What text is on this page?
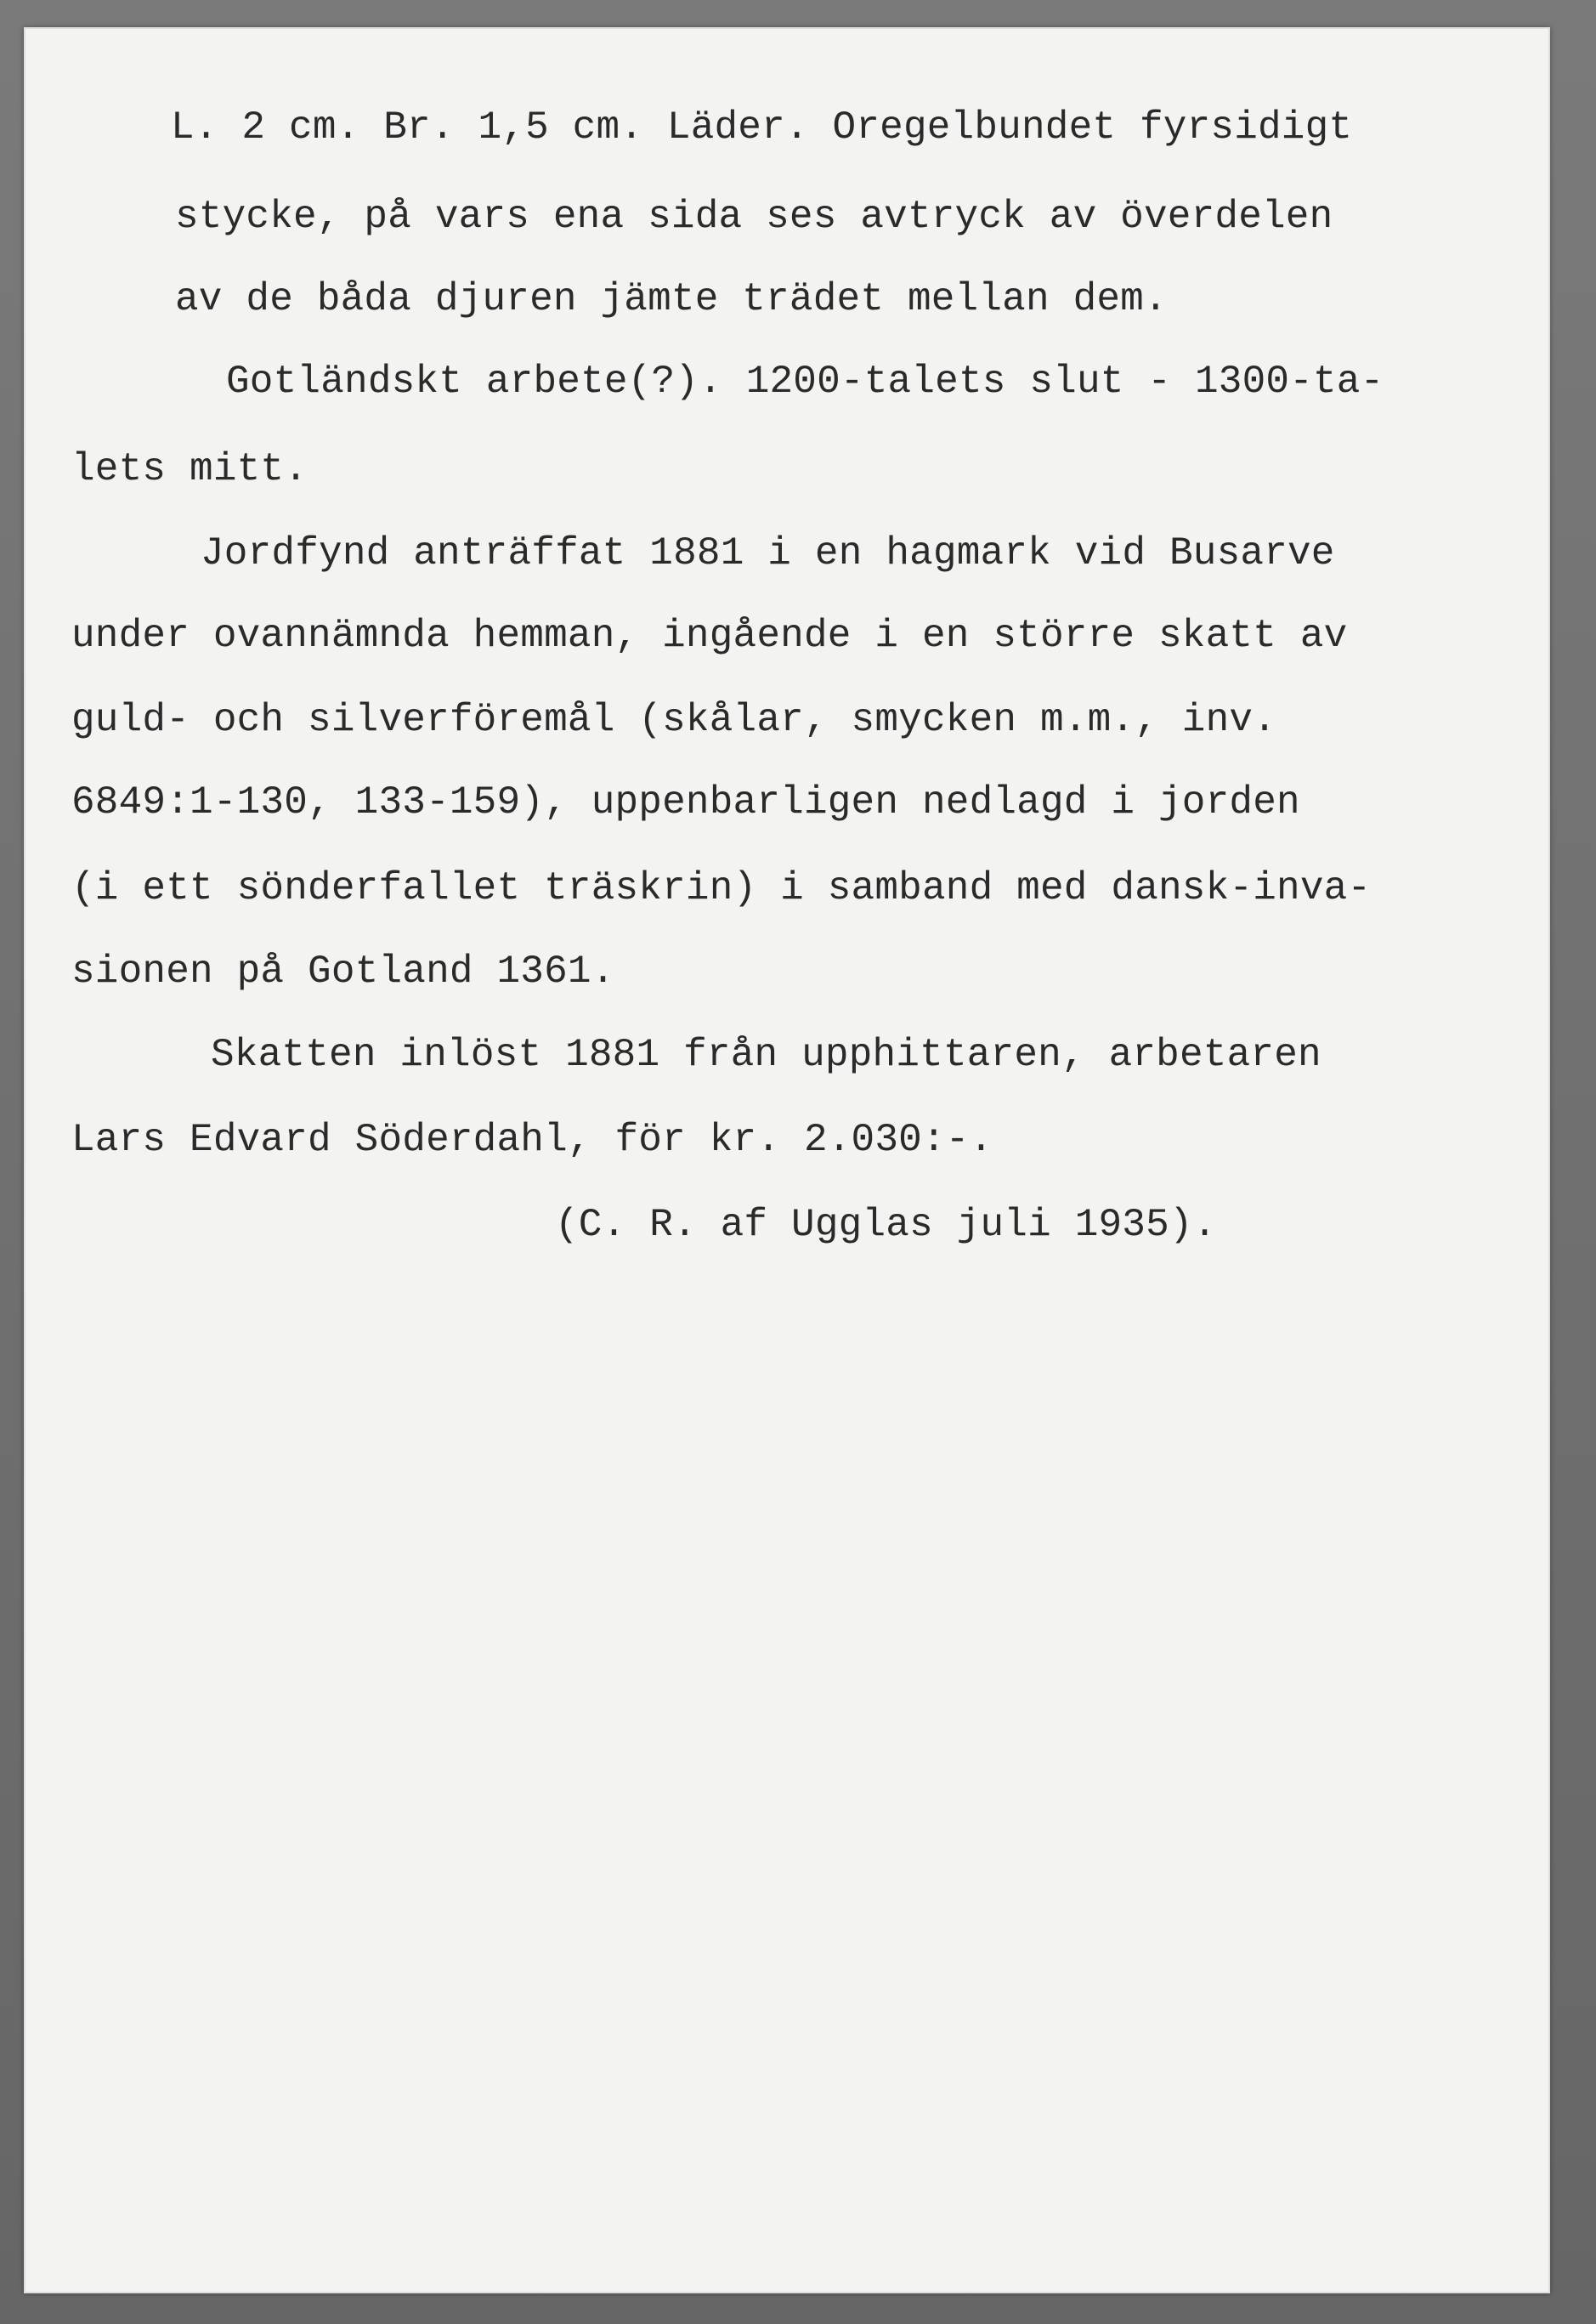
L. 2 cm. Br. 1,5 cm. Läder. Oregelbundet fyrsidigt
stycke, på vars ena sida ses avtryck av överdelen
av de båda djuren jämte trädet mellan dem.
Gotländskt arbete(?). 1200-talets slut - 1300-ta-
lets mitt.
Jordfynd anträffat 1881 i en hagmark vid Busarve
under ovannämnda hemman, ingående i en större skatt av
guld- och silverföremål (skålar, smycken m.m., inv.
6849:1-130, 133-159), uppenbarligen nedlagd i jorden
(i ett sönderfallet träskrin) i samband med dansk-inva-
sionen på Gotland 1361.
Skatten inlöst 1881 från upphittaren, arbetaren
Lars Edvard Söderdahl, för kr. 2.030:-.
(C. R. af Ugglas juli 1935).
